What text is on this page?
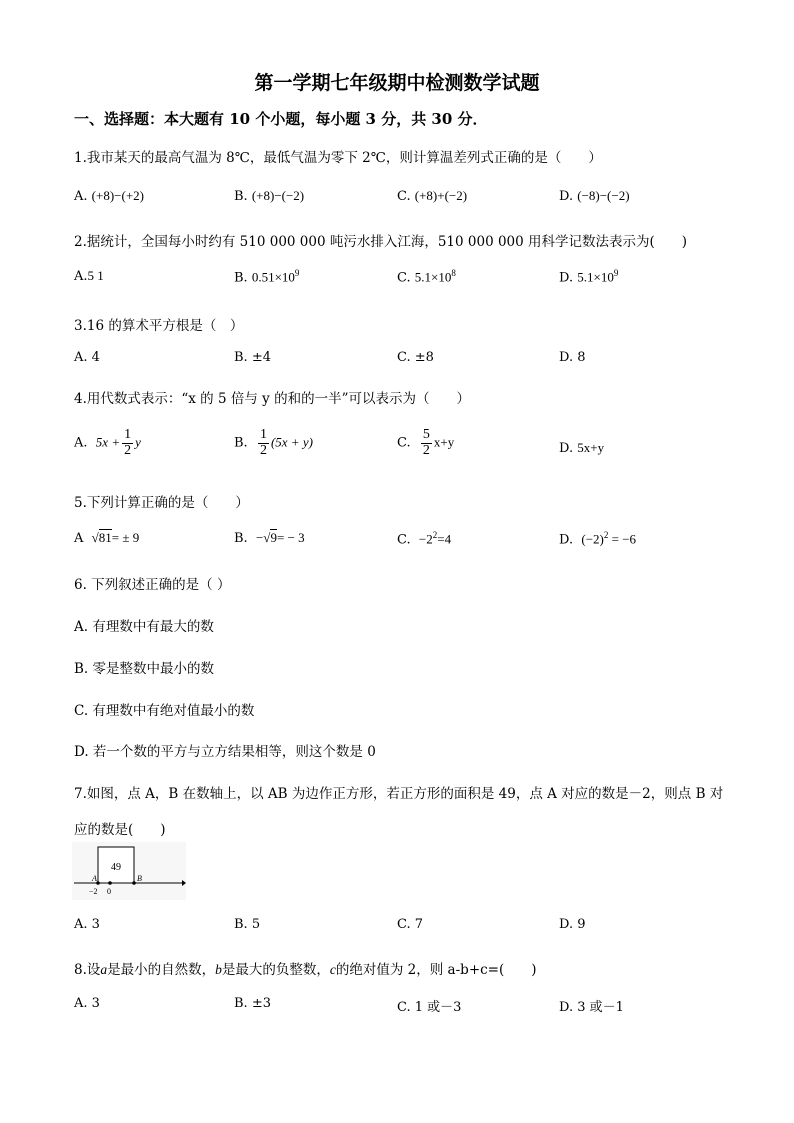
第一学期七年级期中检测数学试题
一、选择题：本大题有 10 个小题，每小题 3 分，共 30 分．
1.我市某天的最高气温为 8℃，最低气温为零下 2℃，则计算温差列式正确的是（　　）
A. (+8)−(+2)	B. (+8)−(−2)	C. (+8)+(−2)	D. (−8)−(−2)
2.据统计，全国每小时约有 510 000 000 吨污水排入江海，510 000 000 用科学记数法表示为(　　)
A.5 1	B. $0.51\times 10^9$	C. $5.1\times 10^8$	D. $5.1\times 10^9$
3.16 的算术平方根是（　）
A. 4	B. ±4	C. ±8	D. 8
4.用代数式表示：“x 的 5 倍与 y 的和的一半”可以表示为（　　）
A. $5x + \frac{1}{2}$ y	B. $\frac{1}{2} (5x + y)$	C. $\frac{5}{2} x+y$	D. 5x+y
5.下列计算正确的是（　　）
A √81= ± 9	B. −√9= − 3	C. $-2^2=4$	D. $(-2)^2 = -6$
6. 下列叙述正确的是（ ）
A. 有理数中有最大的数
B. 零是整数中最小的数
C. 有理数中有绝对值最小的数
D. 若一个数的平方与立方结果相等，则这个数是 0
7.如图，点 A，B 在数轴上，以 AB 为边作正方形，若正方形的面积是 49，点 A 对应的数是－2，则点 B 对
应的数是(　　)
49
A	B
−2 0
A. 3	B. 5	C. 7	D. 9
8.设a是最小的自然数，b是最大的负整数，c的绝对值为 2，则 a-b+c=(　　)
A. 3	B. ±3	C. 1 或－3	D. 3 或－1
